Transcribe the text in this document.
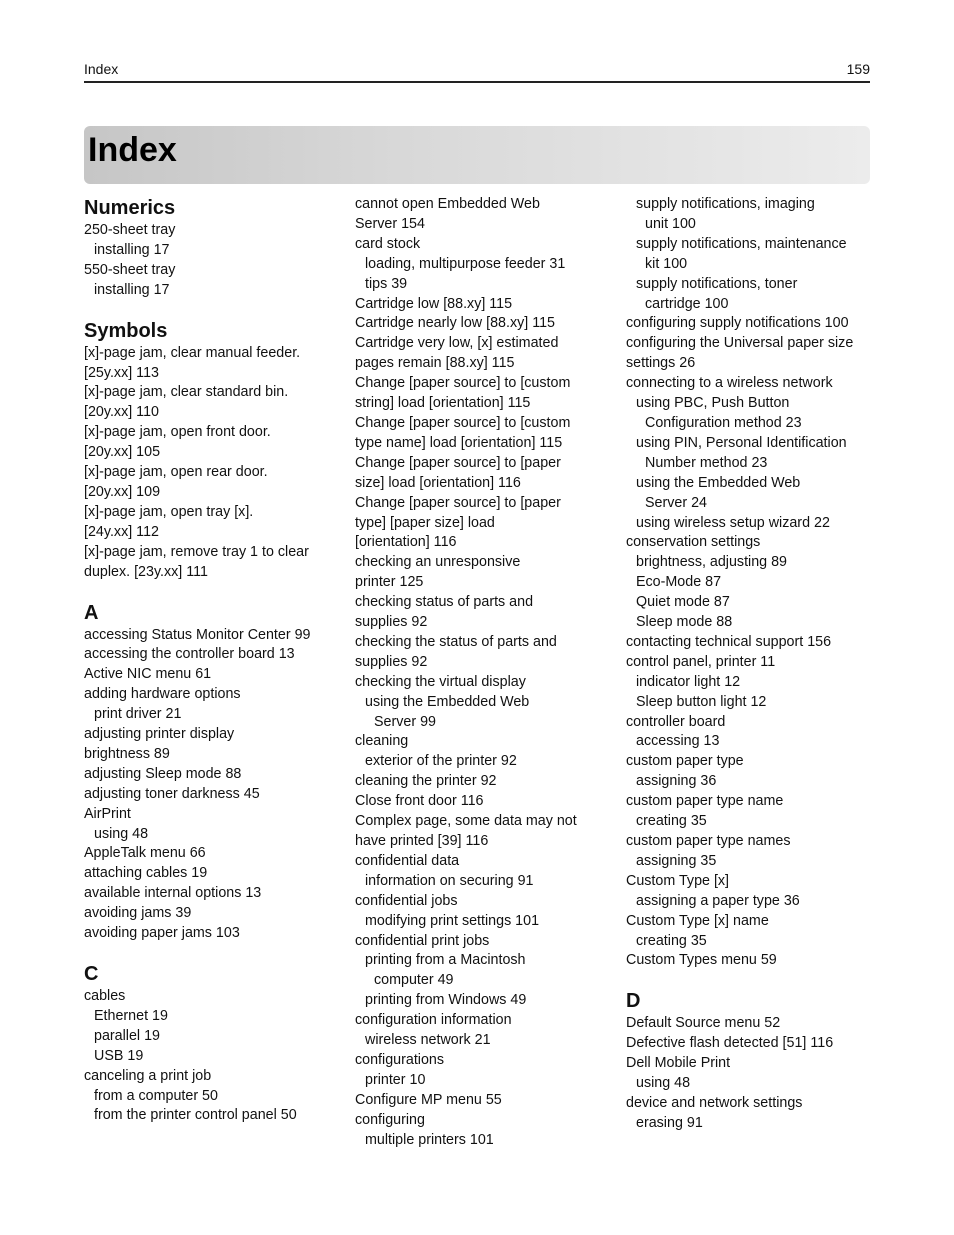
Index	159
Index
Numerics
250-sheet tray
installing 17
550-sheet tray
installing 17
Symbols
[x]-page jam, clear manual feeder.
[25y.xx] 113
[x]-page jam, clear standard bin.
[20y.xx] 110
[x]-page jam, open front door.
[20y.xx] 105
[x]-page jam, open rear door.
[20y.xx] 109
[x]-page jam, open tray [x].
[24y.xx] 112
[x]-page jam, remove tray 1 to clear
duplex. [23y.xx] 111
A
accessing Status Monitor Center 99
accessing the controller board 13
Active NIC menu 61
adding hardware options
print driver 21
adjusting printer display
brightness 89
adjusting Sleep mode 88
adjusting toner darkness 45
AirPrint
using 48
AppleTalk menu 66
attaching cables 19
available internal options 13
avoiding jams 39
avoiding paper jams 103
C
cables
Ethernet 19
parallel 19
USB 19
canceling a print job
from a computer 50
from the printer control panel 50
cannot open Embedded Web
Server 154
card stock
loading, multipurpose feeder 31
tips 39
Cartridge low [88.xy] 115
Cartridge nearly low [88.xy] 115
Cartridge very low, [x] estimated
pages remain [88.xy] 115
Change [paper source] to [custom
string] load [orientation] 115
Change [paper source] to [custom
type name] load [orientation] 115
Change [paper source] to [paper
size] load [orientation] 116
Change [paper source] to [paper
type] [paper size] load
[orientation] 116
checking an unresponsive
printer 125
checking status of parts and
supplies 92
checking the status of parts and
supplies 92
checking the virtual display
using the Embedded Web
Server 99
cleaning
exterior of the printer 92
cleaning the printer 92
Close front door 116
Complex page, some data may not
have printed [39] 116
confidential data
information on securing 91
confidential jobs
modifying print settings 101
confidential print jobs
printing from a Macintosh
computer 49
printing from Windows 49
configuration information
wireless network 21
configurations
printer 10
Configure MP menu 55
configuring
multiple printers 101
supply notifications, imaging
unit 100
supply notifications, maintenance
kit 100
supply notifications, toner
cartridge 100
configuring supply notifications 100
configuring the Universal paper size
settings 26
connecting to a wireless network
using PBC, Push Button
Configuration method 23
using PIN, Personal Identification
Number method 23
using the Embedded Web
Server 24
using wireless setup wizard 22
conservation settings
brightness, adjusting 89
Eco-Mode 87
Quiet mode 87
Sleep mode 88
contacting technical support 156
control panel, printer 11
indicator light 12
Sleep button light 12
controller board
accessing 13
custom paper type
assigning 36
custom paper type name
creating 35
custom paper type names
assigning 35
Custom Type [x]
assigning a paper type 36
Custom Type [x] name
creating 35
Custom Types menu 59
D
Default Source menu 52
Defective flash detected [51] 116
Dell Mobile Print
using 48
device and network settings
erasing 91
